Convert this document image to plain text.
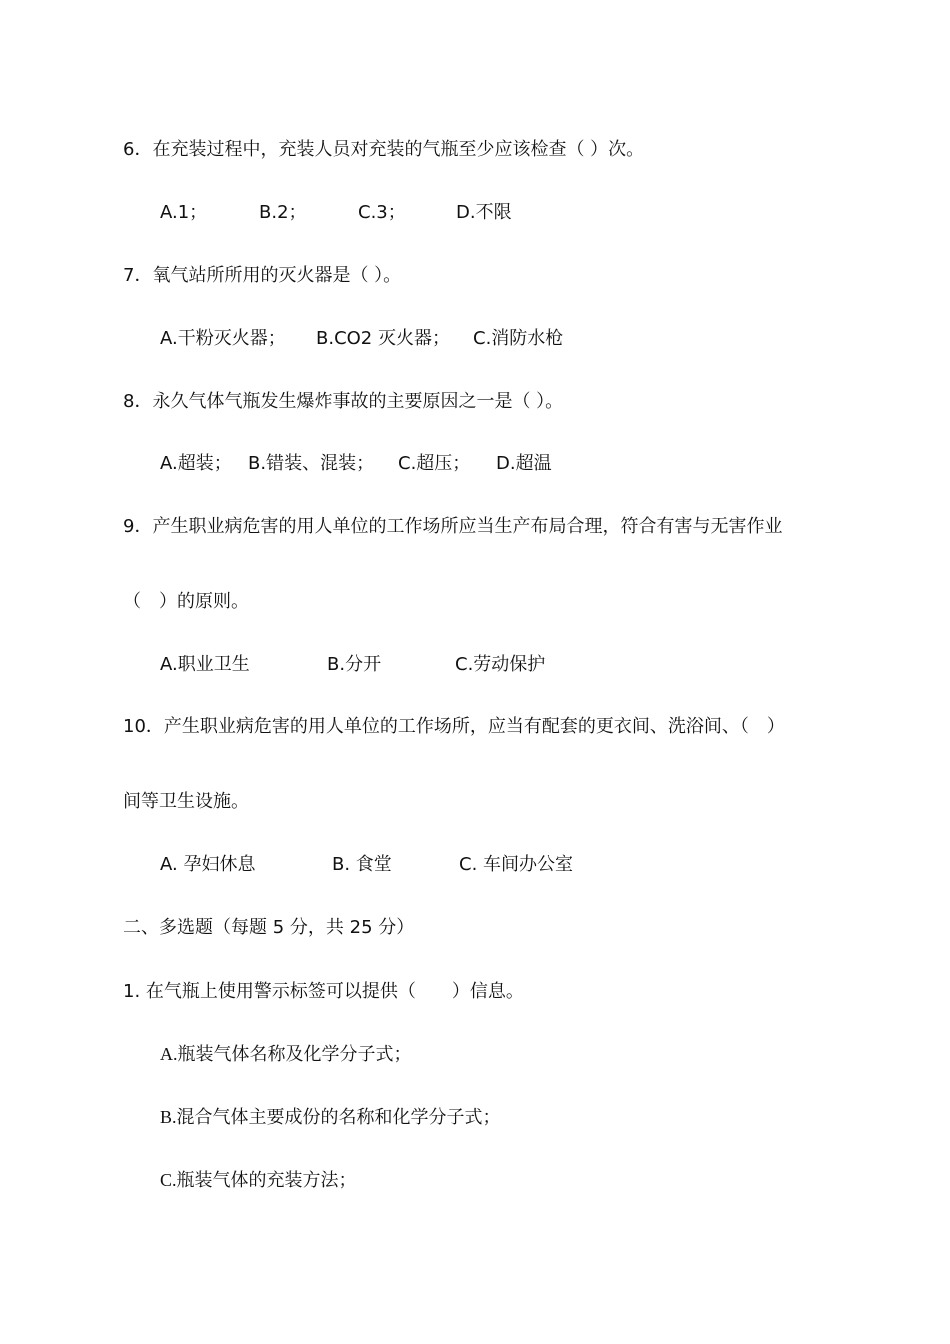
6．在充装过程中，充装人员对充装的气瓶至少应该检查（ ）次。
A.1；	B.2；	C.3；	D.不限
7．氧气站所所用的灭火器是（ ）。
A.干粉灭火器； B.CO2 灭火器； C.消防水枪
8．永久气体气瓶发生爆炸事故的主要原因之一是（ ）。
A.超装； B.错装、混装； C.超压； D.超温
9．产生职业病危害的用人单位的工作场所应当生产布局合理，符合有害与无害作业
（　）的原则。
A.职业卫生	B.分开	C.劳动保护
10．产生职业病危害的用人单位的工作场所，应当有配套的更衣间、洗浴间、（　）
间等卫生设施。
A. 孕妇休息	B. 食堂	C. 车间办公室
二、多选题（每题 5 分，共 25 分）
1. 在气瓶上使用警示标签可以提供（　　）信息。
A.瓶装气体名称及化学分子式；
B.混合气体主要成份的名称和化学分子式；
C.瓶装气体的充装方法；
